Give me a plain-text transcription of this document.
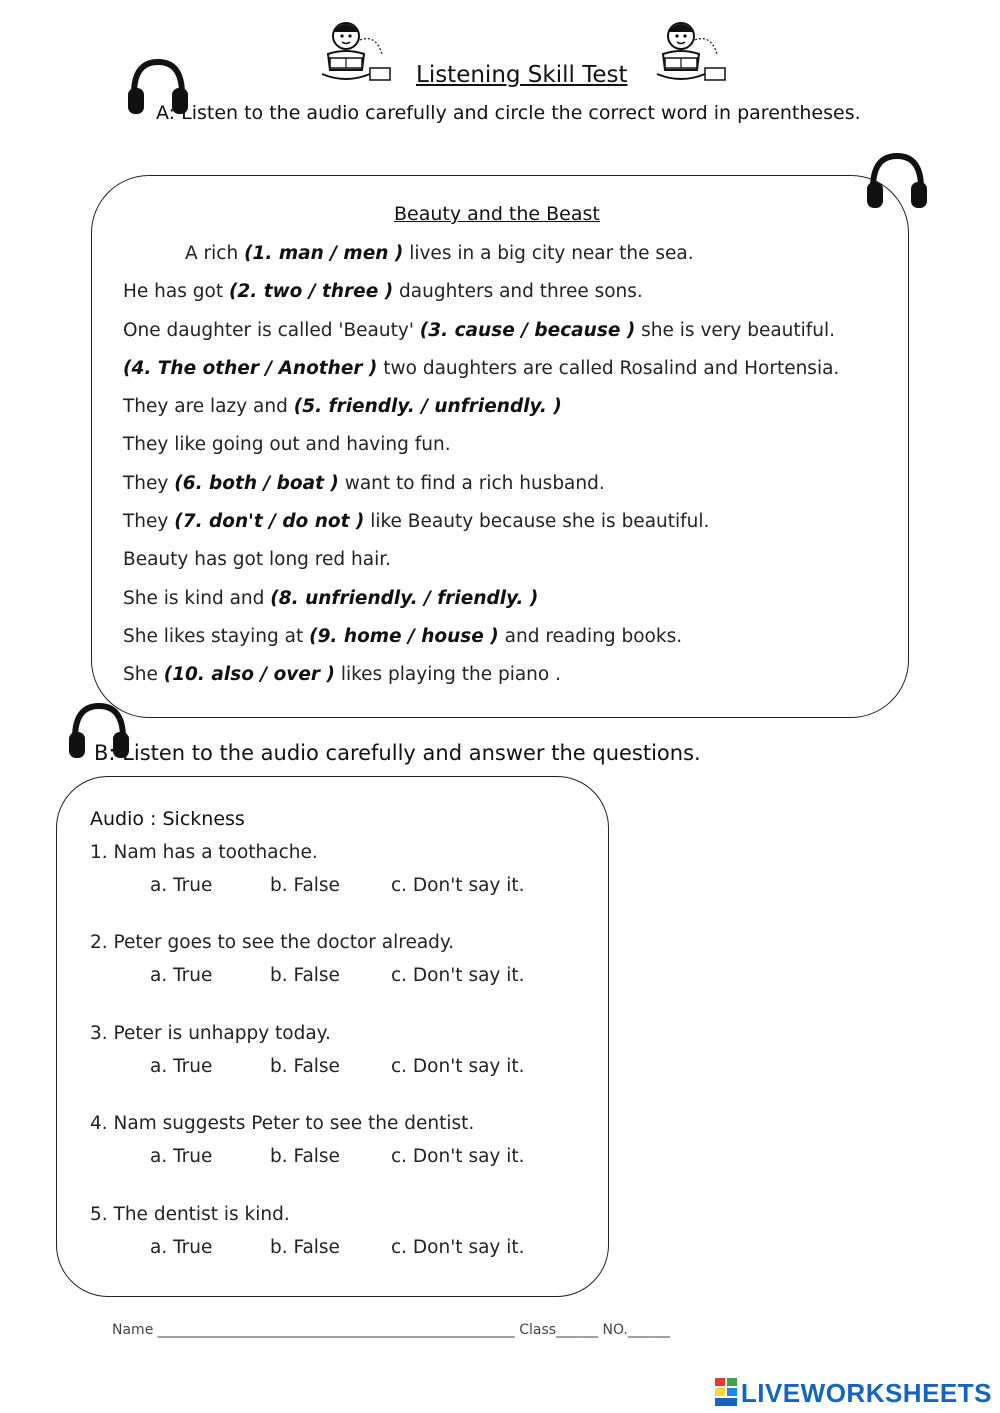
Listening Skill Test
A: Listen to the audio carefully and circle the correct word in parentheses.
Beauty and the Beast
A rich (1. man / men ) lives in a big city near the sea.
He has got (2. two / three ) daughters and three sons.
One daughter is called 'Beauty' (3. cause / because ) she is very beautiful.
(4. The other / Another ) two daughters are called Rosalind and Hortensia.
They are lazy and (5. friendly. / unfriendly. )
They like going out and having fun.
They (6. both / boat ) want to find a rich husband.
They (7. don't / do not ) like Beauty because she is beautiful.
Beauty has got long red hair.
She is kind and (8. unfriendly. / friendly. )
She likes staying at (9. home / house ) and reading books.
She (10. also / over ) likes playing the piano .
B: Listen to the audio carefully and answer the questions.
Audio : Sickness
1. Nam has a toothache.
a. True	b. False	c. Don't say it.
2. Peter goes to see the doctor already.
a. True	b. False	c. Don't say it.
3. Peter is unhappy today.
a. True	b. False	c. Don't say it.
4. Nam suggests Peter to see the dentist.
a. True	b. False	c. Don't say it.
5. The dentist is kind.
a. True	b. False	c. Don't say it.
Name ___________________________________________________ Class______ NO.______
LIVEWORKSHEETS
